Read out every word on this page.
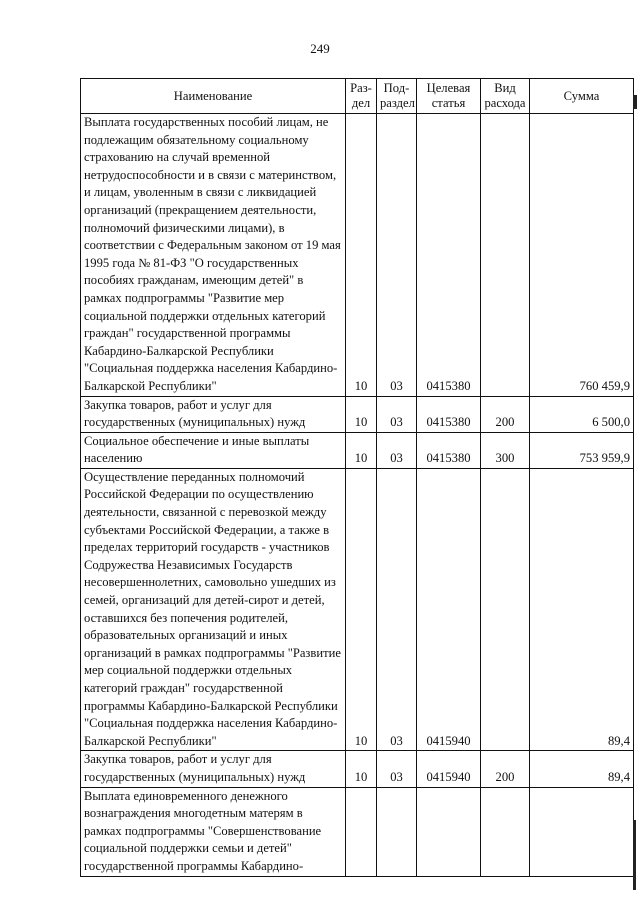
249
Наименование	Раз-дел	Под-раздел	Целевая статья	Вид расхода	Сумма
Выплата государственных пособий лицам, не подлежащим обязательному социальному страхованию на случай временной нетрудоспособности и в связи с материнством, и лицам, уволенным в связи с ликвидацией организаций (прекращением деятельности, полномочий физическими лицами), в соответствии с Федеральным законом от 19 мая 1995 года № 81-ФЗ "О государственных пособиях гражданам, имеющим детей" в рамках подпрограммы "Развитие мер социальной поддержки отдельных категорий граждан" государственной программы Кабардино-Балкарской Республики "Социальная поддержка населения Кабардино-Балкарской Республики"	10	03	0415380		760 459,9
Закупка товаров, работ и услуг для государственных (муниципальных) нужд	10	03	0415380	200	6 500,0
Социальное обеспечение и иные выплаты населению	10	03	0415380	300	753 959,9
Осуществление переданных полномочий Российской Федерации по осуществлению деятельности, связанной с перевозкой между субъектами Российской Федерации, а также в пределах территорий государств - участников Содружества Независимых Государств несовершеннолетних, самовольно ушедших из семей, организаций для детей-сирот и детей, оставшихся без попечения родителей, образовательных организаций и иных организаций в рамках подпрограммы "Развитие мер социальной поддержки отдельных категорий граждан" государственной программы Кабардино-Балкарской Республики "Социальная поддержка населения Кабардино-Балкарской Республики"	10	03	0415940		89,4
Закупка товаров, работ и услуг для государственных (муниципальных) нужд	10	03	0415940	200	89,4
Выплата единовременного денежного вознаграждения многодетным матерям в рамках подпрограммы "Совершенствование социальной поддержки семьи и детей" государственной программы Кабардино-					
